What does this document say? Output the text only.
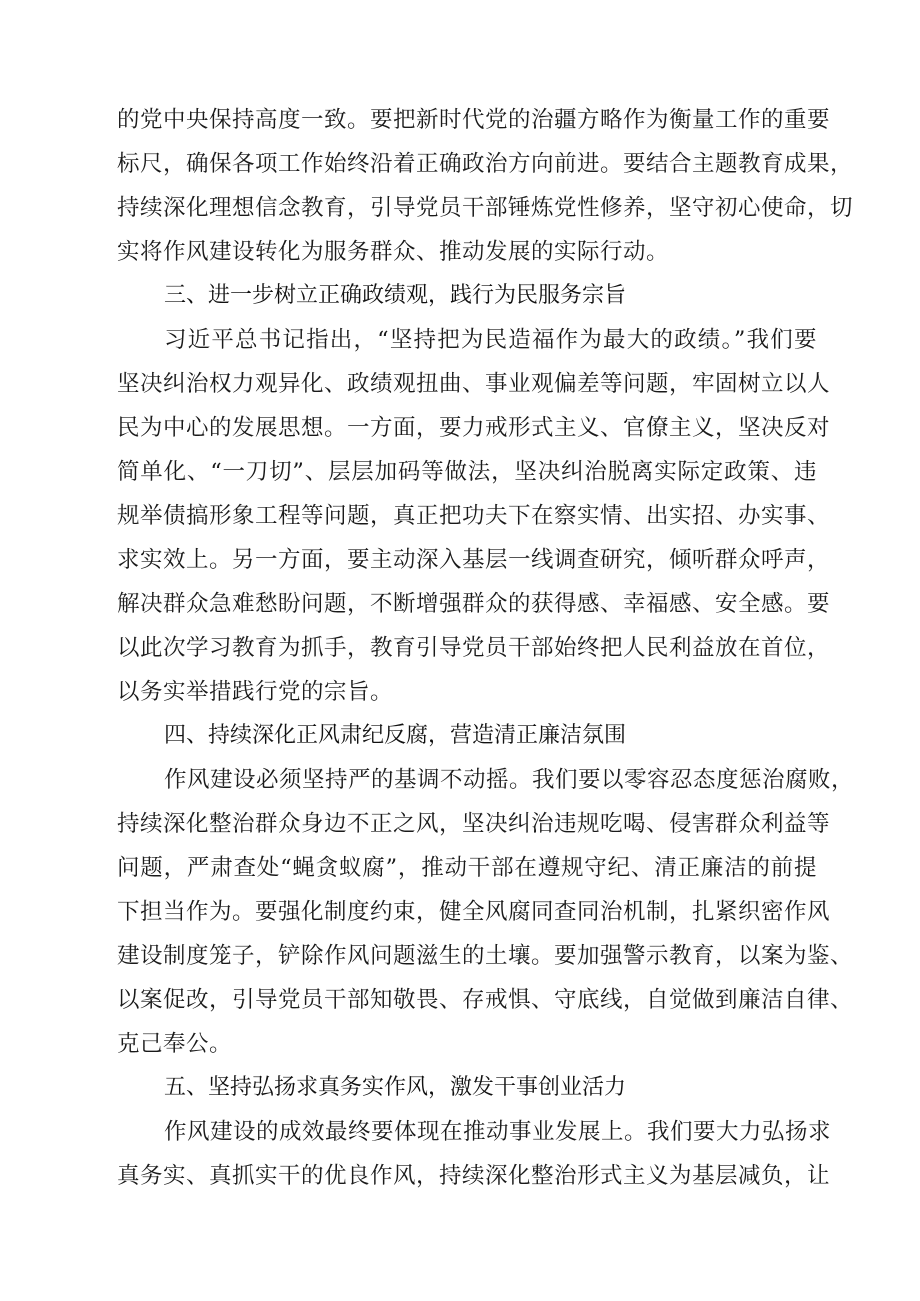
的党中央保持高度一致。要把新时代党的治疆方略作为衡量工作的重要
标尺，确保各项工作始终沿着正确政治方向前进。要结合主题教育成果，
持续深化理想信念教育，引导党员干部锤炼党性修养，坚守初心使命，切
实将作风建设转化为服务群众、推动发展的实际行动。
三、进一步树立正确政绩观，践行为民服务宗旨
习近平总书记指出，“坚持把为民造福作为最大的政绩。”我们要
坚决纠治权力观异化、政绩观扭曲、事业观偏差等问题，牢固树立以人
民为中心的发展思想。一方面，要力戒形式主义、官僚主义，坚决反对
简单化、“一刀切”、层层加码等做法，坚决纠治脱离实际定政策、违
规举债搞形象工程等问题，真正把功夫下在察实情、出实招、办实事、
求实效上。另一方面，要主动深入基层一线调查研究，倾听群众呼声，
解决群众急难愁盼问题，不断增强群众的获得感、幸福感、安全感。要
以此次学习教育为抓手，教育引导党员干部始终把人民利益放在首位，
以务实举措践行党的宗旨。
四、持续深化正风肃纪反腐，营造清正廉洁氛围
作风建设必须坚持严的基调不动摇。我们要以零容忍态度惩治腐败，
持续深化整治群众身边不正之风，坚决纠治违规吃喝、侵害群众利益等
问题，严肃查处“蝇贪蚁腐”，推动干部在遵规守纪、清正廉洁的前提
下担当作为。要强化制度约束，健全风腐同查同治机制，扎紧织密作风
建设制度笼子，铲除作风问题滋生的土壤。要加强警示教育，以案为鉴、
以案促改，引导党员干部知敬畏、存戒惧、守底线，自觉做到廉洁自律、
克己奉公。
五、坚持弘扬求真务实作风，激发干事创业活力
作风建设的成效最终要体现在推动事业发展上。我们要大力弘扬求
真务实、真抓实干的优良作风，持续深化整治形式主义为基层减负，让
